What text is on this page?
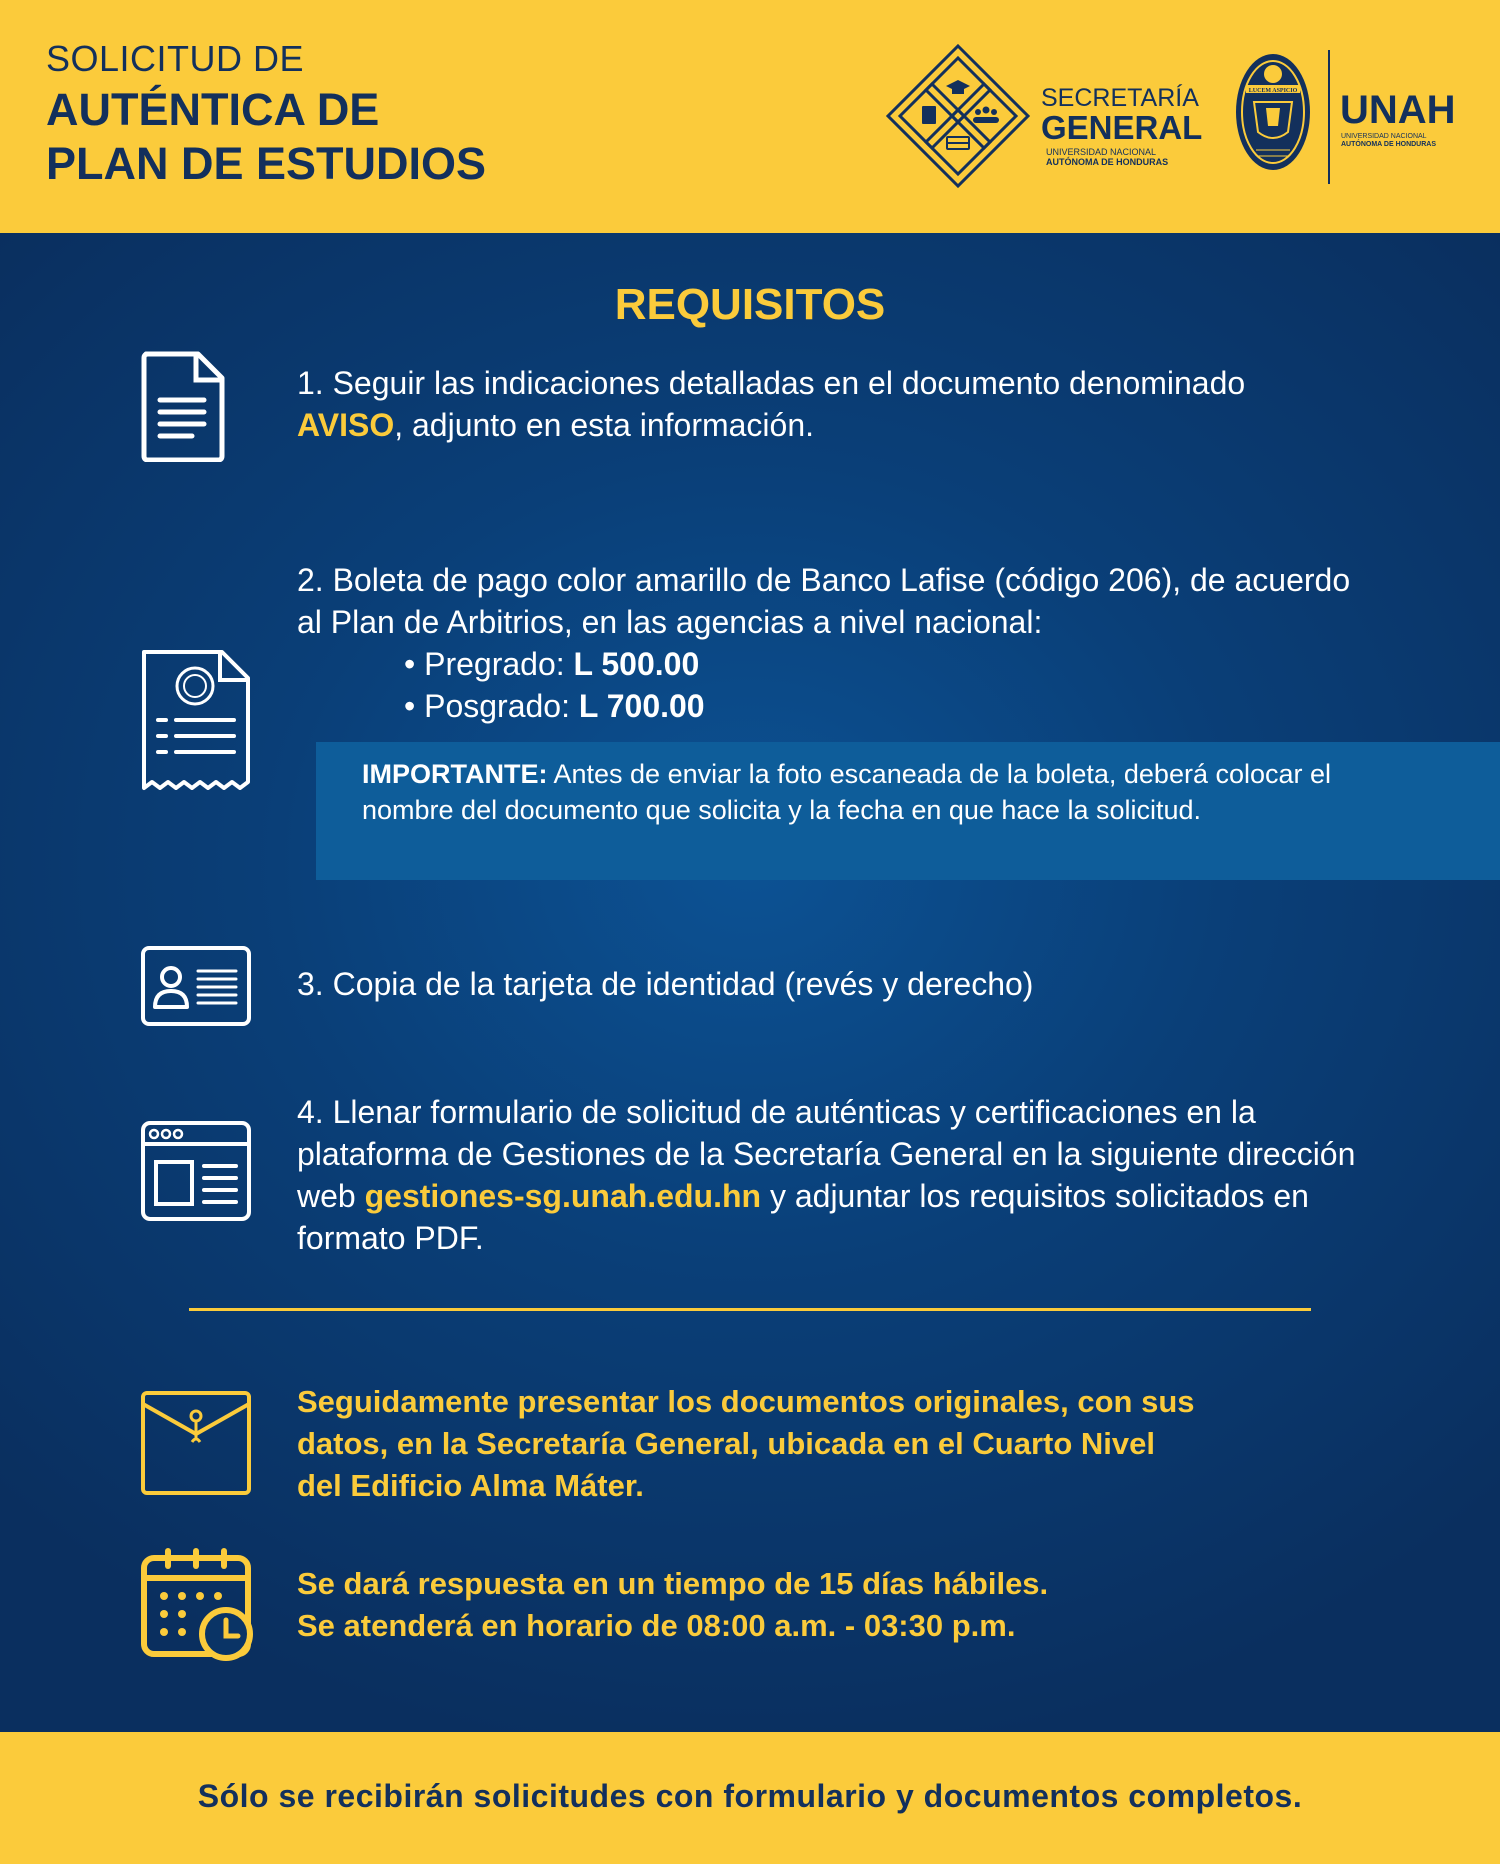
SOLICITUD DE
AUTÉNTICA DE
PLAN DE ESTUDIOS
SECRETARÍA
GENERAL
UNIVERSIDAD NACIONAL
AUTÓNOMA DE HONDURAS
LUCEM ASPICIO UNAH
UNIVERSIDAD NACIONAL
AUTÓNOMA DE HONDURAS
REQUISITOS
1. Seguir las indicaciones detalladas en el documento denominado
AVISO, adjunto en esta información.
2. Boleta de pago color amarillo de Banco Lafise (código 206), de acuerdo
al Plan de Arbitrios, en las agencias a nivel nacional:
• Pregrado: L 500.00
• Posgrado: L 700.00
IMPORTANTE: Antes de enviar la foto escaneada de la boleta, deberá colocar el nombre del documento que solicita y la fecha en que hace la solicitud.
3. Copia de la tarjeta de identidad (revés y derecho)
4. Llenar formulario de solicitud de auténticas y certificaciones en la
plataforma de Gestiones de la Secretaría General en la siguiente dirección
web gestiones-sg.unah.edu.hn y adjuntar los requisitos solicitados en
formato PDF.
Seguidamente presentar los documentos originales, con sus
datos, en la Secretaría General, ubicada en el Cuarto Nivel
del Edificio Alma Máter.
Se dará respuesta en un tiempo de 15 días hábiles.
Se atenderá en horario de 08:00 a.m. - 03:30 p.m.
Sólo se recibirán solicitudes con formulario y documentos completos.
